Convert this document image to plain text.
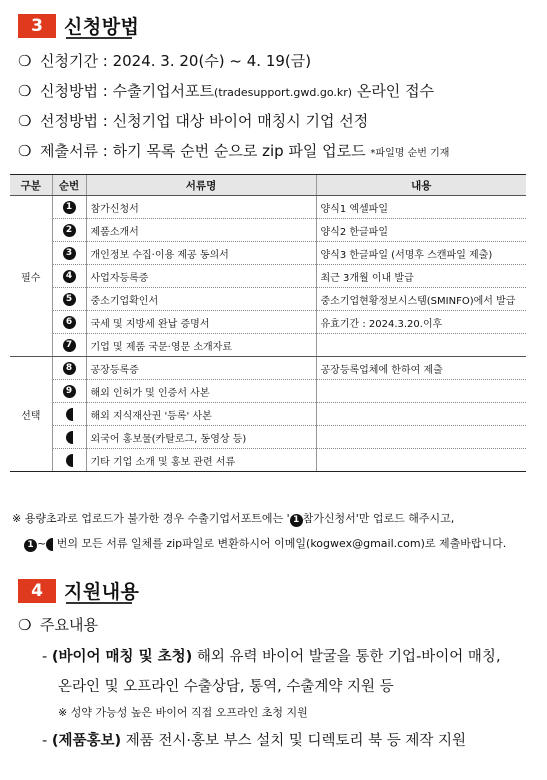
3	신청방법
❍ 신청기간 : 2024. 3. 20(수) ~ 4. 19(금)
❍ 신청방법 : 수출기업서포트(tradesupport.gwd.go.kr) 온라인 접수
❍ 선정방법 : 신청기업 대상 바이어 매칭시 기업 선정
❍ 제출서류 : 하기 목록 순번 순으로 zip 파일 업로드 *파일명 순번 기재
구분	순번	서류명	내용
필수	1	참가신청서	양식1 엑셀파일
	2	제품소개서	양식2 한글파일
	3	개인정보 수집·이용 제공 동의서	양식3 한글파일 (서명후 스캔파일 제출)
	4	사업자등록증	최근 3개월 이내 발급
	5	중소기업확인서	중소기업현황정보시스템(SMINFO)에서 발급
	6	국세 및 지방세 완납 증명서	유효기간 : 2024.3.20.이후
	7	기업 및 제품 국문·영문 소개자료	
선택	8	공장등록증	공장등록업체에 한하여 제출
	9	해외 인허가 및 인증서 사본	
		해외 지식재산권 '등록' 사본	
		외국어 홍보물(카탈로그, 동영상 등)	
		기타 기업 소개 및 홍보 관련 서류	
※ 용량초과로 업로드가 불가한 경우 수출기업서포트에는 ' 1 참가신청서'만 업로드 해주시고,
1 ~ 번의 모든 서류 일체를 zip파일로 변환하시어 이메일(kogwex@gmail.com)로 제출바랍니다.
4	지원내용
❍ 주요내용
- (바이어 매칭 및 초청) 해외 유력 바이어 발굴을 통한 기업-바이어 매칭,
온라인 및 오프라인 수출상담, 통역, 수출계약 지원 등
※ 성약 가능성 높은 바이어 직접 오프라인 초청 지원
- (제품홍보) 제품 전시·홍보 부스 설치 및 디렉토리 북 등 제작 지원
